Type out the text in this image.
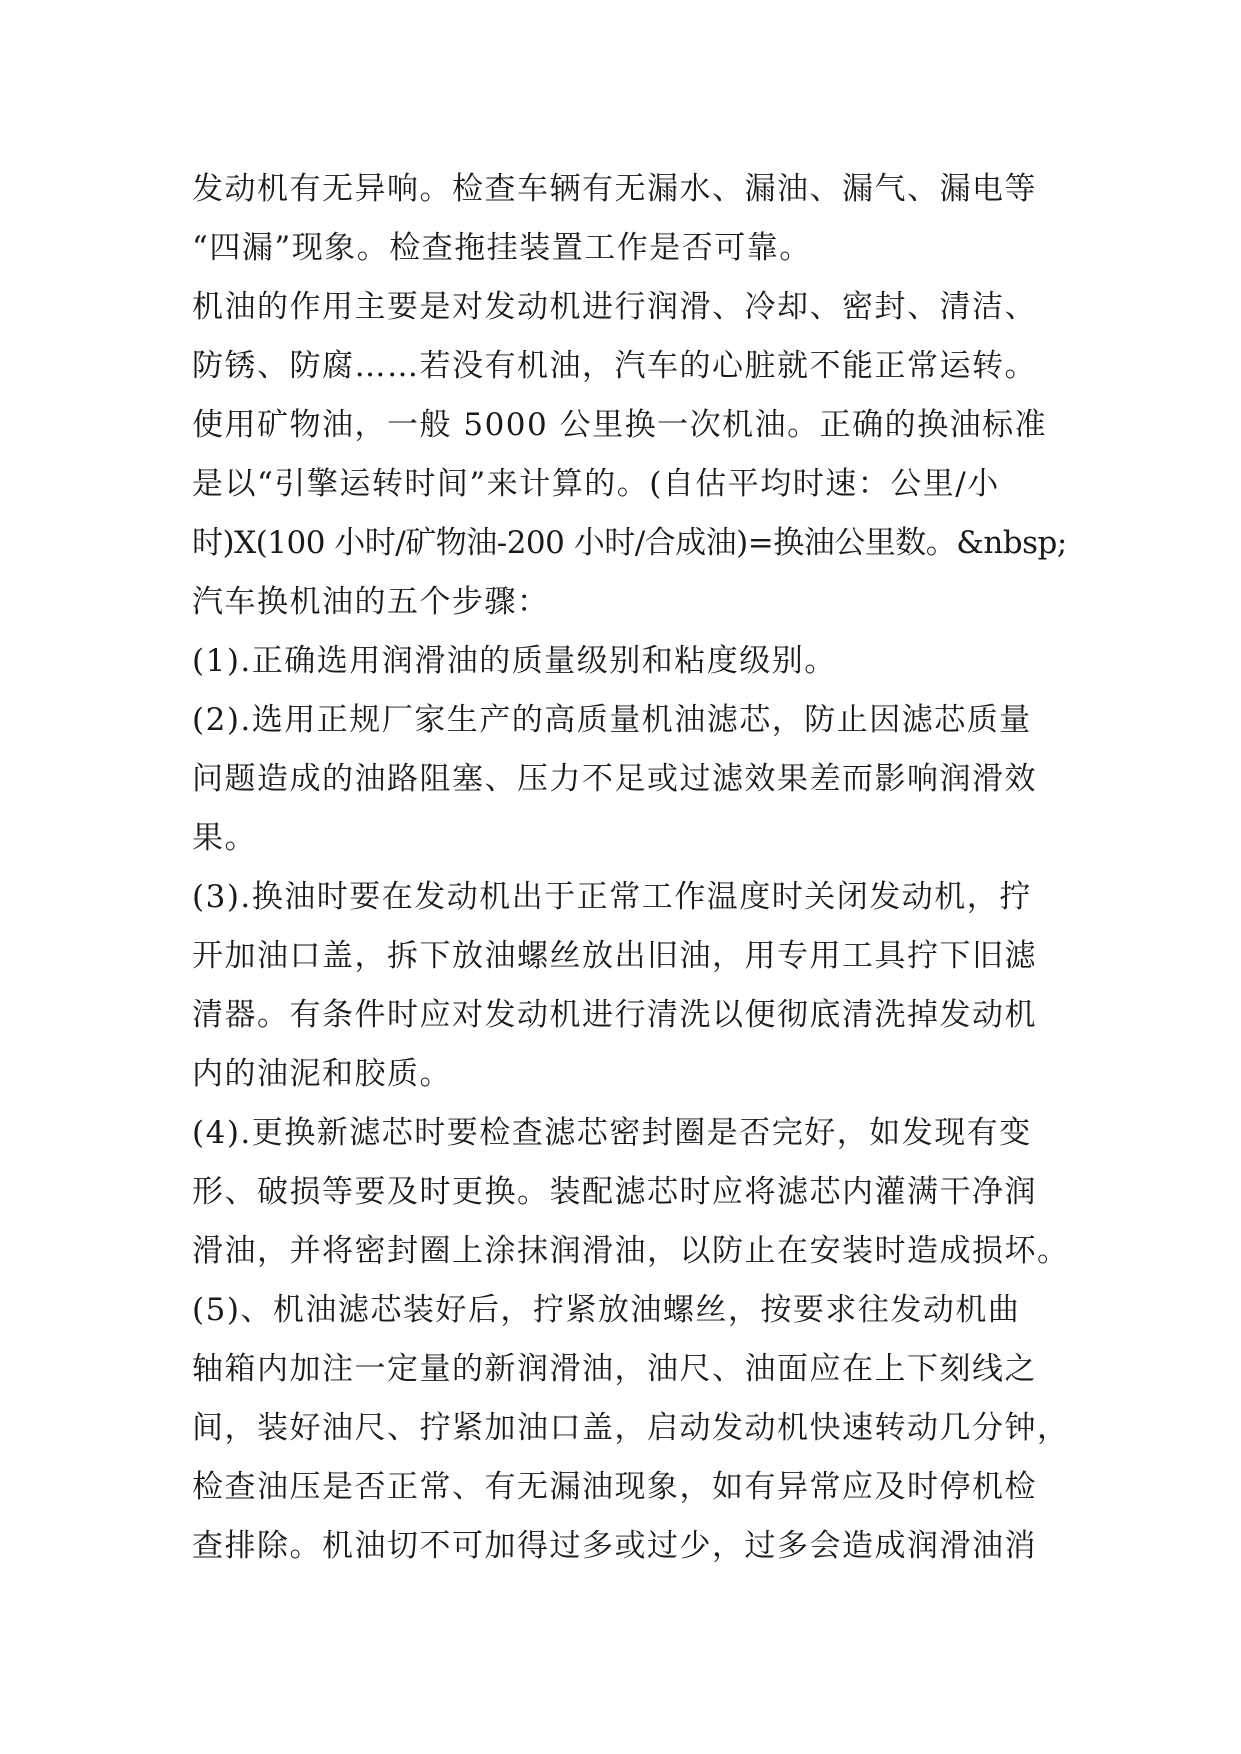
发动机有无异响。检查车辆有无漏水、漏油、漏气、漏电等
“四漏”现象。检查拖挂装置工作是否可靠。
机油的作用主要是对发动机进行润滑、冷却、密封、清洁、
防锈、防腐……若没有机油，汽车的心脏就不能正常运转。
使用矿物油，一般 5000 公里换一次机油。正确的换油标准
是以“引擎运转时间”来计算的。(自估平均时速：公里/小
时)X(100 小时/矿物油-200 小时/合成油)=换油公里数。&nbsp;
汽车换机油的五个步骤：
(1).正确选用润滑油的质量级别和粘度级别。
(2).选用正规厂家生产的高质量机油滤芯，防止因滤芯质量
问题造成的油路阻塞、压力不足或过滤效果差而影响润滑效
果。
(3).换油时要在发动机出于正常工作温度时关闭发动机，拧
开加油口盖，拆下放油螺丝放出旧油，用专用工具拧下旧滤
清器。有条件时应对发动机进行清洗以便彻底清洗掉发动机
内的油泥和胶质。
(4).更换新滤芯时要检查滤芯密封圈是否完好，如发现有变
形、破损等要及时更换。装配滤芯时应将滤芯内灌满干净润
滑油，并将密封圈上涂抹润滑油，以防止在安装时造成损坏。
(5)、机油滤芯装好后，拧紧放油螺丝，按要求往发动机曲
轴箱内加注一定量的新润滑油，油尺、油面应在上下刻线之
间，装好油尺、拧紧加油口盖，启动发动机快速转动几分钟，
检查油压是否正常、有无漏油现象，如有异常应及时停机检
查排除。机油切不可加得过多或过少，过多会造成润滑油消
